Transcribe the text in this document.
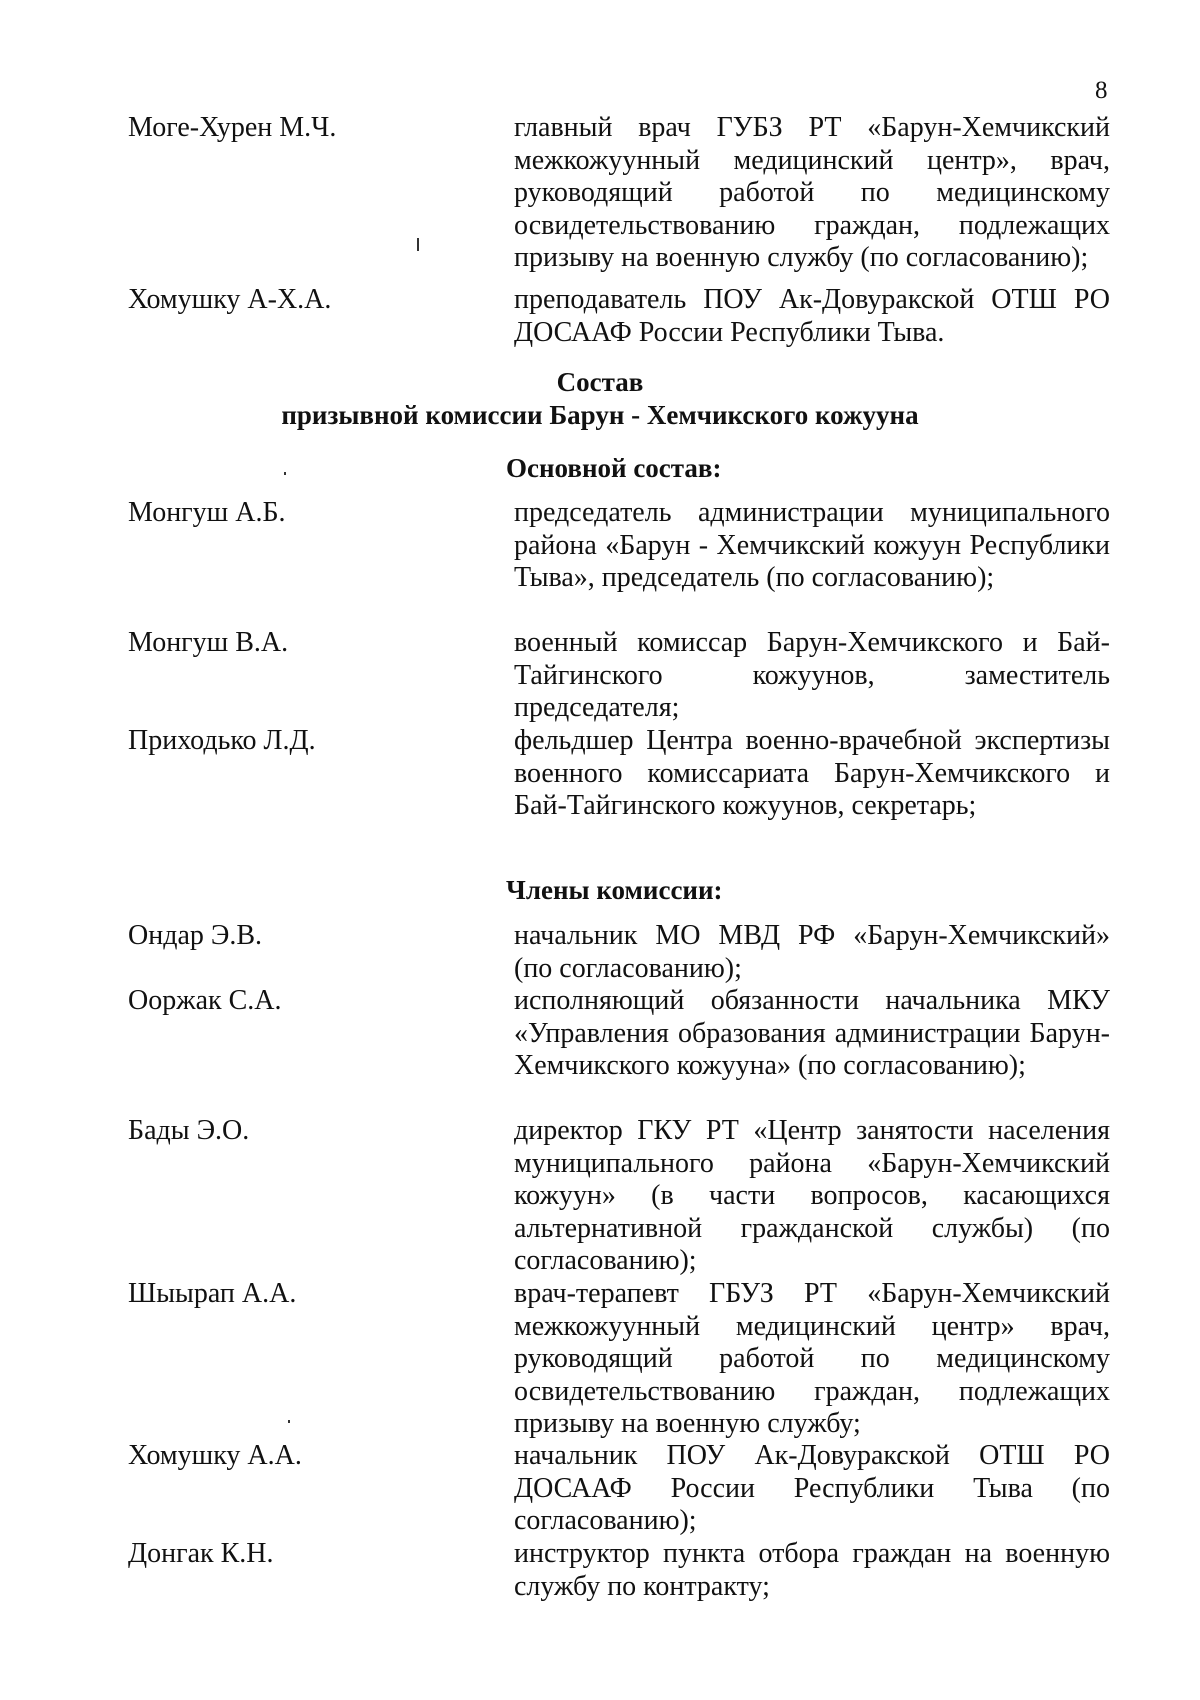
8
Моге-Хурен М.Ч.	главный врач ГУБЗ РТ «Барун-Хемчикский межкожуунный медицинский центр», врач, руководящий работой по медицинскому освидетельствованию граждан, подлежащих призыву на военную службу (по согласованию);
Хомушку А-Х.А.	преподаватель ПОУ Ак-Довуракской ОТШ РО ДОСААФ России Республики Тыва.
Состав
призывной комиссии Барун - Хемчикского кожууна
Основной состав:
Монгуш А.Б.	председатель администрации муниципального района «Барун - Хемчикский кожуун Республики Тыва», председатель (по согласованию);
Монгуш В.А.	военный комиссар Барун-Хемчикского и Бай-Тайгинского кожуунов, заместитель председателя;
Приходько Л.Д.	фельдшер Центра военно-врачебной экспертизы военного комиссариата Барун-Хемчикского и Бай-Тайгинского кожуунов, секретарь;
Члены комиссии:
Ондар Э.В.	начальник МО МВД РФ «Барун-Хемчикский» (по согласованию);
Ооржак С.А.	исполняющий обязанности начальника МКУ «Управления образования администрации Барун-Хемчикского кожууна» (по согласованию);
Бады Э.О.	директор ГКУ РТ «Центр занятости населения муниципального района «Барун-Хемчикский кожуун» (в части вопросов, касающихся альтернативной гражданской службы) (по согласованию);
Шыырап А.А.	врач-терапевт ГБУЗ РТ «Барун-Хемчикский межкожуунный медицинский центр» врач, руководящий работой по медицинскому освидетельствованию граждан, подлежащих призыву на военную службу;
Хомушку А.А.	начальник ПОУ Ак-Довуракской ОТШ РО ДОСААФ России Республики Тыва (по согласованию);
Донгак К.Н.	инструктор пункта отбора граждан на военную службу по контракту;
